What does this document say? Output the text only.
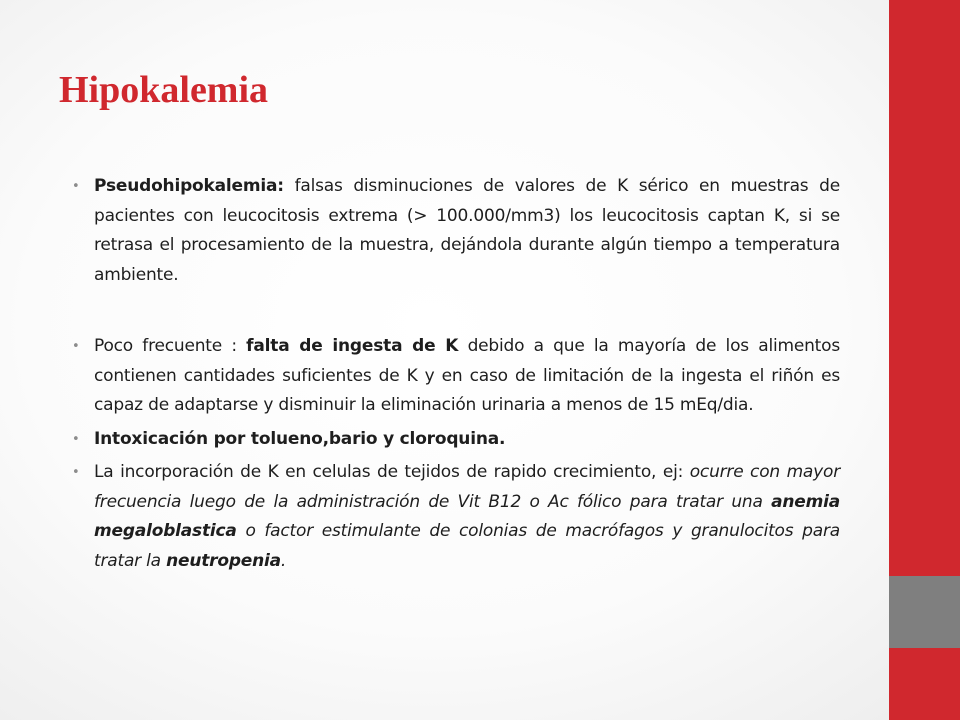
Hipokalemia
• Pseudohipokalemia: falsas disminuciones de valores de K sérico en muestras de pacientes con leucocitosis extrema (> 100.000/mm3) los leucocitosis captan K, si se retrasa el procesamiento de la muestra, dejándola durante algún tiempo a temperatura ambiente.
• Poco frecuente : falta de ingesta de K debido a que la mayoría de los alimentos contienen cantidades suficientes de K y en caso de limitación de la ingesta el riñón es capaz de adaptarse y disminuir la eliminación urinaria a menos de 15 mEq/dia.
• Intoxicación por tolueno,bario y cloroquina.
• La incorporación de K en celulas de tejidos de rapido crecimiento, ej: ocurre con mayor frecuencia luego de la administración de Vit B12 o Ac fólico para tratar una anemia megaloblastica o factor estimulante de colonias de macrófagos y granulocitos para tratar la neutropenia.
